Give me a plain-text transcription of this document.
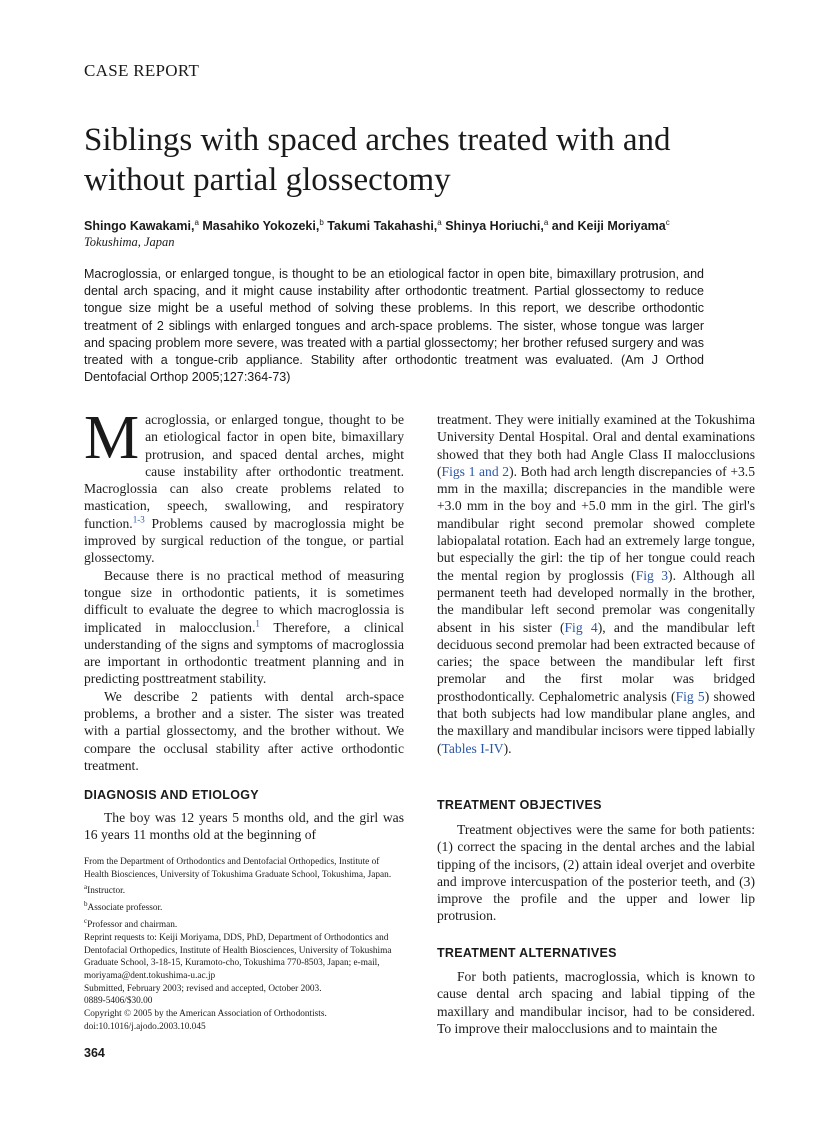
CASE REPORT
Siblings with spaced arches treated with and without partial glossectomy
Shingo Kawakami,$^a$ Masahiko Yokozeki,$^b$ Takumi Takahashi,$^a$ Shinya Horiuchi,$^a$ and Keiji Moriyama$^c$
Tokushima, Japan

Macroglossia, or enlarged tongue, is thought to be an etiological factor in open bite, bimaxillary protrusion, and dental arch spacing, and it might cause instability after orthodontic treatment. Partial glossectomy to reduce tongue size might be a useful method of solving these problems. In this report, we describe orthodontic treatment of 2 siblings with enlarged tongues and arch-space problems. The sister, whose tongue was larger and spacing problem more severe, was treated with a partial glossectomy; her brother refused surgery and was treated with a tongue-crib appliance. Stability after orthodontic treatment was evaluated. (Am J Orthod Dentofacial Orthop 2005;127:364-73)

Macroglossia, or enlarged tongue, thought to be an etiological factor in open bite, bimaxillary protrusion, and spaced dental arches, might cause instability after orthodontic treatment. Macroglossia can also create problems related to mastication, speech, swallowing, and respiratory function.$^{1-3}$ Problems caused by macroglossia might be improved by surgical reduction of the tongue, or partial glossectomy.

Because there is no practical method of measuring tongue size in orthodontic patients, it is sometimes difficult to evaluate the degree to which macroglossia is implicated in malocclusion.$^1$ Therefore, a clinical understanding of the signs and symptoms of macroglossia are important in orthodontic treatment planning and in predicting posttreatment stability.

We describe 2 patients with dental arch-space problems, a brother and a sister. The sister was treated with a partial glossectomy, and the brother without. We compare the occlusal stability after active orthodontic treatment.

DIAGNOSIS AND ETIOLOGY

The boy was 12 years 5 months old, and the girl was 16 years 11 months old at the beginning of

From the Department of Orthodontics and Dentofacial Orthopedics, Institute of Health Biosciences, University of Tokushima Graduate School, Tokushima, Japan.
$^a$Instructor.
$^b$Associate professor.
$^c$Professor and chairman.
Reprint requests to: Keiji Moriyama, DDS, PhD, Department of Orthodontics and Dentofacial Orthopedics, Institute of Health Biosciences, University of Tokushima Graduate School, 3-18-15, Kuramoto-cho, Tokushima 770-8503, Japan; e-mail, moriyama@dent.tokushima-u.ac.jp
Submitted, February 2003; revised and accepted, October 2003.
0889-5406/$30.00
Copyright © 2005 by the American Association of Orthodontists.
doi:10.1016/j.ajodo.2003.10.045
364

treatment. They were initially examined at the Tokushima University Dental Hospital. Oral and dental examinations showed that they both had Angle Class II malocclusions (Figs 1 and 2). Both had arch length discrepancies of +3.5 mm in the maxilla; discrepancies in the mandible were +3.0 mm in the boy and +5.0 mm in the girl. The girl's mandibular right second premolar showed complete labiopalatal rotation. Each had an extremely large tongue, but especially the girl: the tip of her tongue could reach the mental region by proglossis (Fig 3). Although all permanent teeth had developed normally in the brother, the mandibular left second premolar was congenitally absent in his sister (Fig 4), and the mandibular left deciduous second premolar had been extracted because of caries; the space between the mandibular left first premolar and the first molar was bridged prosthodontically. Cephalometric analysis (Fig 5) showed that both subjects had low mandibular plane angles, and the maxillary and mandibular incisors were tipped labially (Tables I-IV).

TREATMENT OBJECTIVES

Treatment objectives were the same for both patients: (1) correct the spacing in the dental arches and the labial tipping of the incisors, (2) attain ideal overjet and overbite and improve intercuspation of the posterior teeth, and (3) improve the profile and the upper and lower lip protrusion.

TREATMENT ALTERNATIVES

For both patients, macroglossia, which is known to cause dental arch spacing and labial tipping of the maxillary and mandibular incisor, had to be considered. To improve their malocclusions and to maintain the
